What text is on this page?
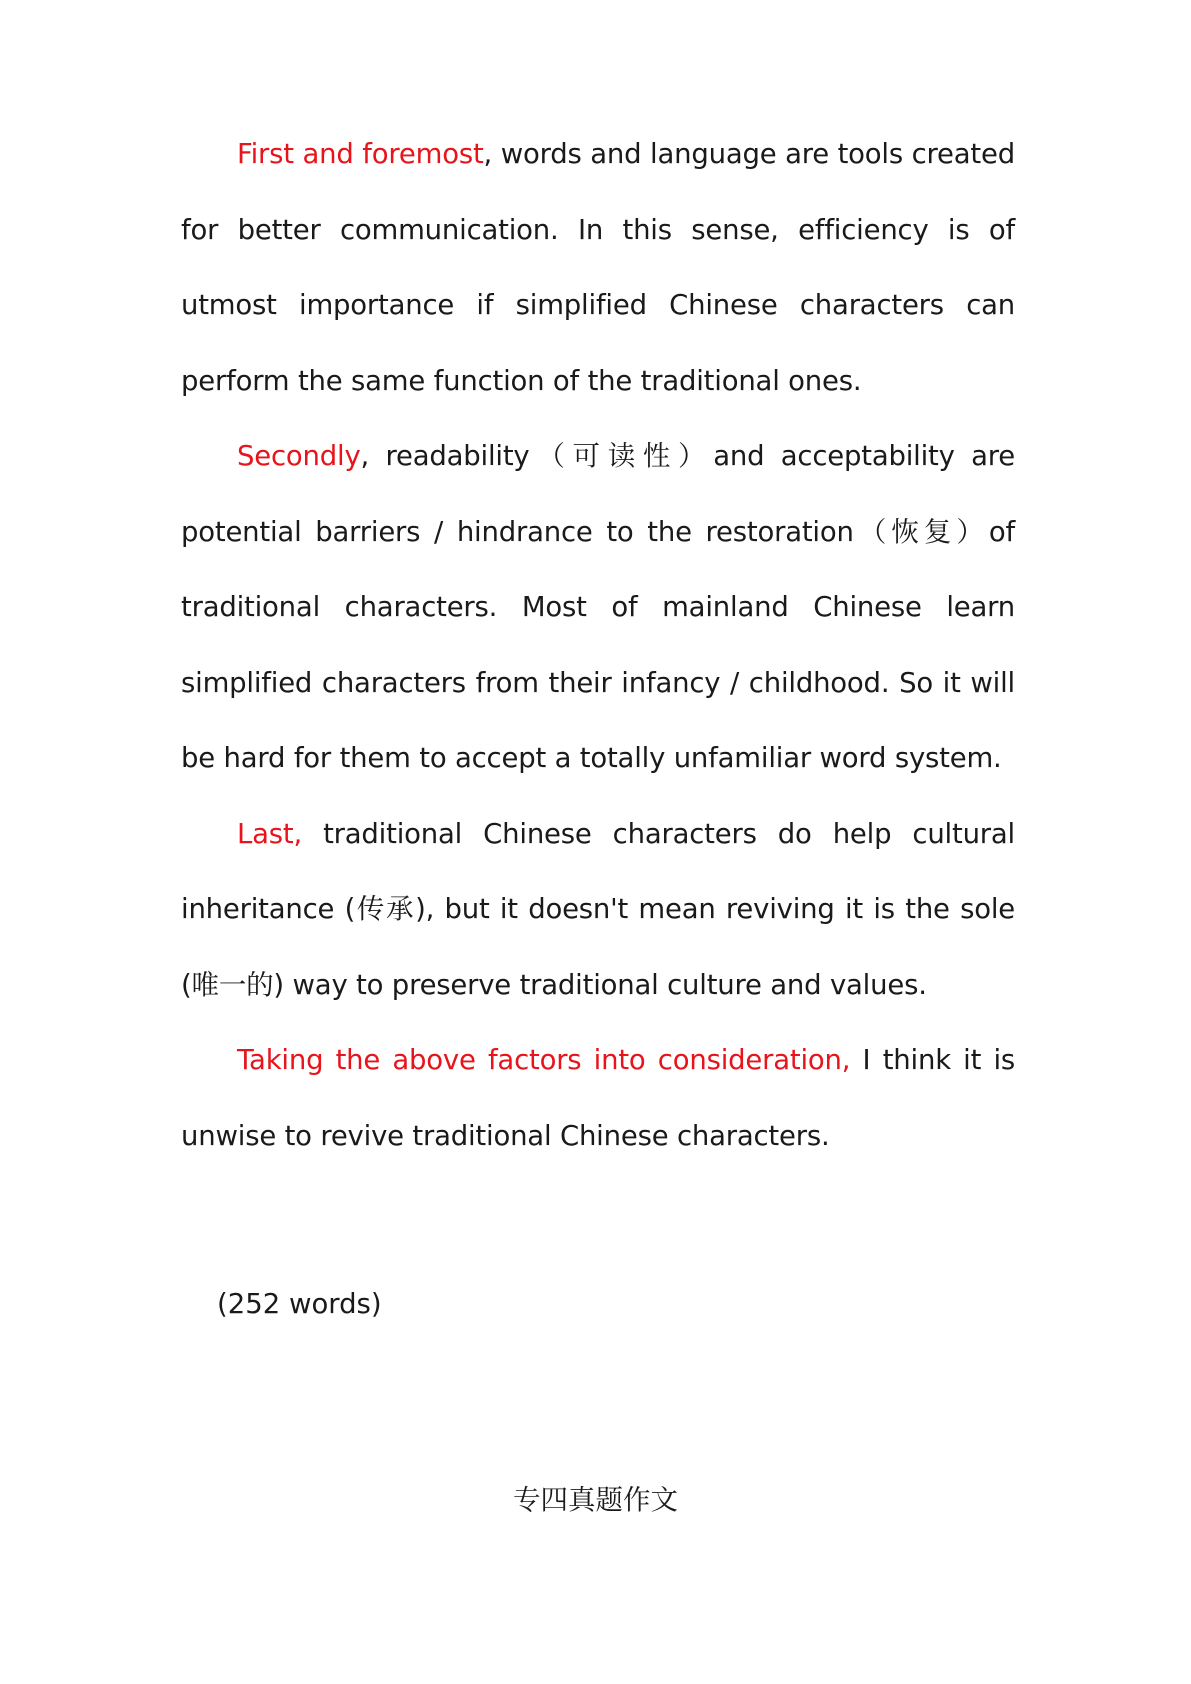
First and foremost, words and language are tools created for better communication. In this sense, efficiency is of utmost importance if simplified Chinese characters can perform the same function of the traditional ones.

Secondly, readability（可读性）and acceptability are potential barriers / hindrance to the restoration（恢复）of traditional characters. Most of mainland Chinese learn simplified characters from their infancy / childhood. So it will be hard for them to accept a totally unfamiliar word system.

Last, traditional Chinese characters do help cultural inheritance (传承), but it doesn't mean reviving it is the sole (唯一的) way to preserve traditional culture and values.

Taking the above factors into consideration, I think it is unwise to revive traditional Chinese characters.

(252 words)

专四真题作文
